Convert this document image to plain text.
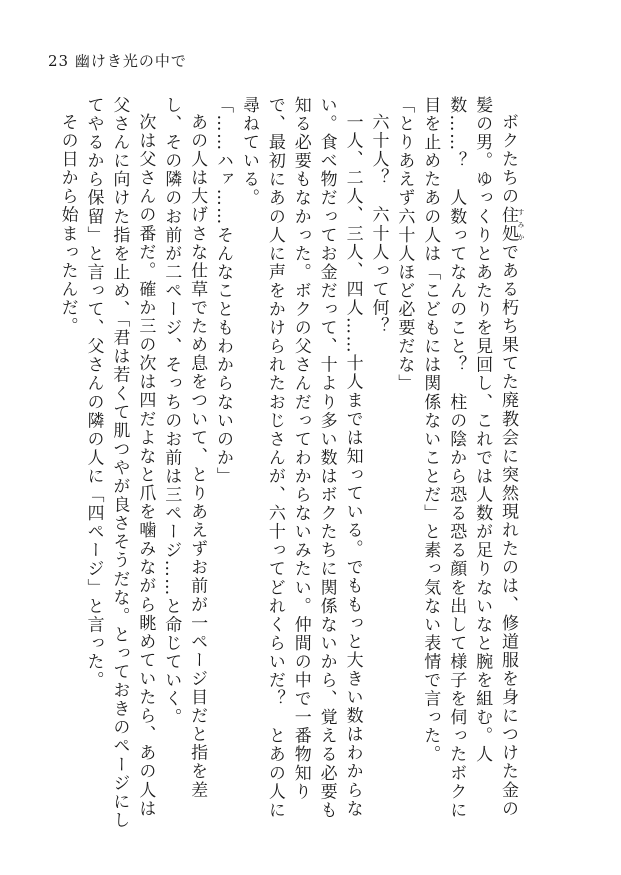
23 幽けき光の中で

ボクたちの住処 すみかである朽ち果てた廃教会に突然現れたのは、修道服を身につけた金の髪の男。ゆっくりとあたりを見回し、これでは人数が足りないなと腕を組む。人数……？　人数ってなんのこと？　柱の陰から恐る恐る顔を出して様子を伺ったボクに目を止めたあの人は「こどもには関係ないことだ」と素っ気ない表情で言った。

「とりあえず六十人ほど必要だな」

六十人？　六十人って何？

一人、二人、三人、四人……十人までは知っている。でももっと大きい数はわからない。食べ物だってお金だって、十より多い数はボクたちに関係ないから、覚える必要も知る必要もなかった。ボクの父さんだってわからないみたい。仲間の中で一番物知りで、最初にあの人に声をかけられたおじさんが、六十ってどれくらいだ？　とあの人に尋ねている。

「……ハァ……そんなこともわからないのか」

あの人は大げさな仕草でため息をついて、とりあえずお前が一ページ目だと指を差し、その隣のお前が二ページ、そっちのお前は三ページ……と命じていく。

次は父さんの番だ。確か三の次は四だよなと爪を噛みながら眺めていたら、あの人は父さんに向けた指を止め、「君は若くて肌つやが良さそうだな。とっておきのページにしてやるから保留」と言って、父さんの隣の人に「四ページ」と言った。

その日から始まったんだ。
